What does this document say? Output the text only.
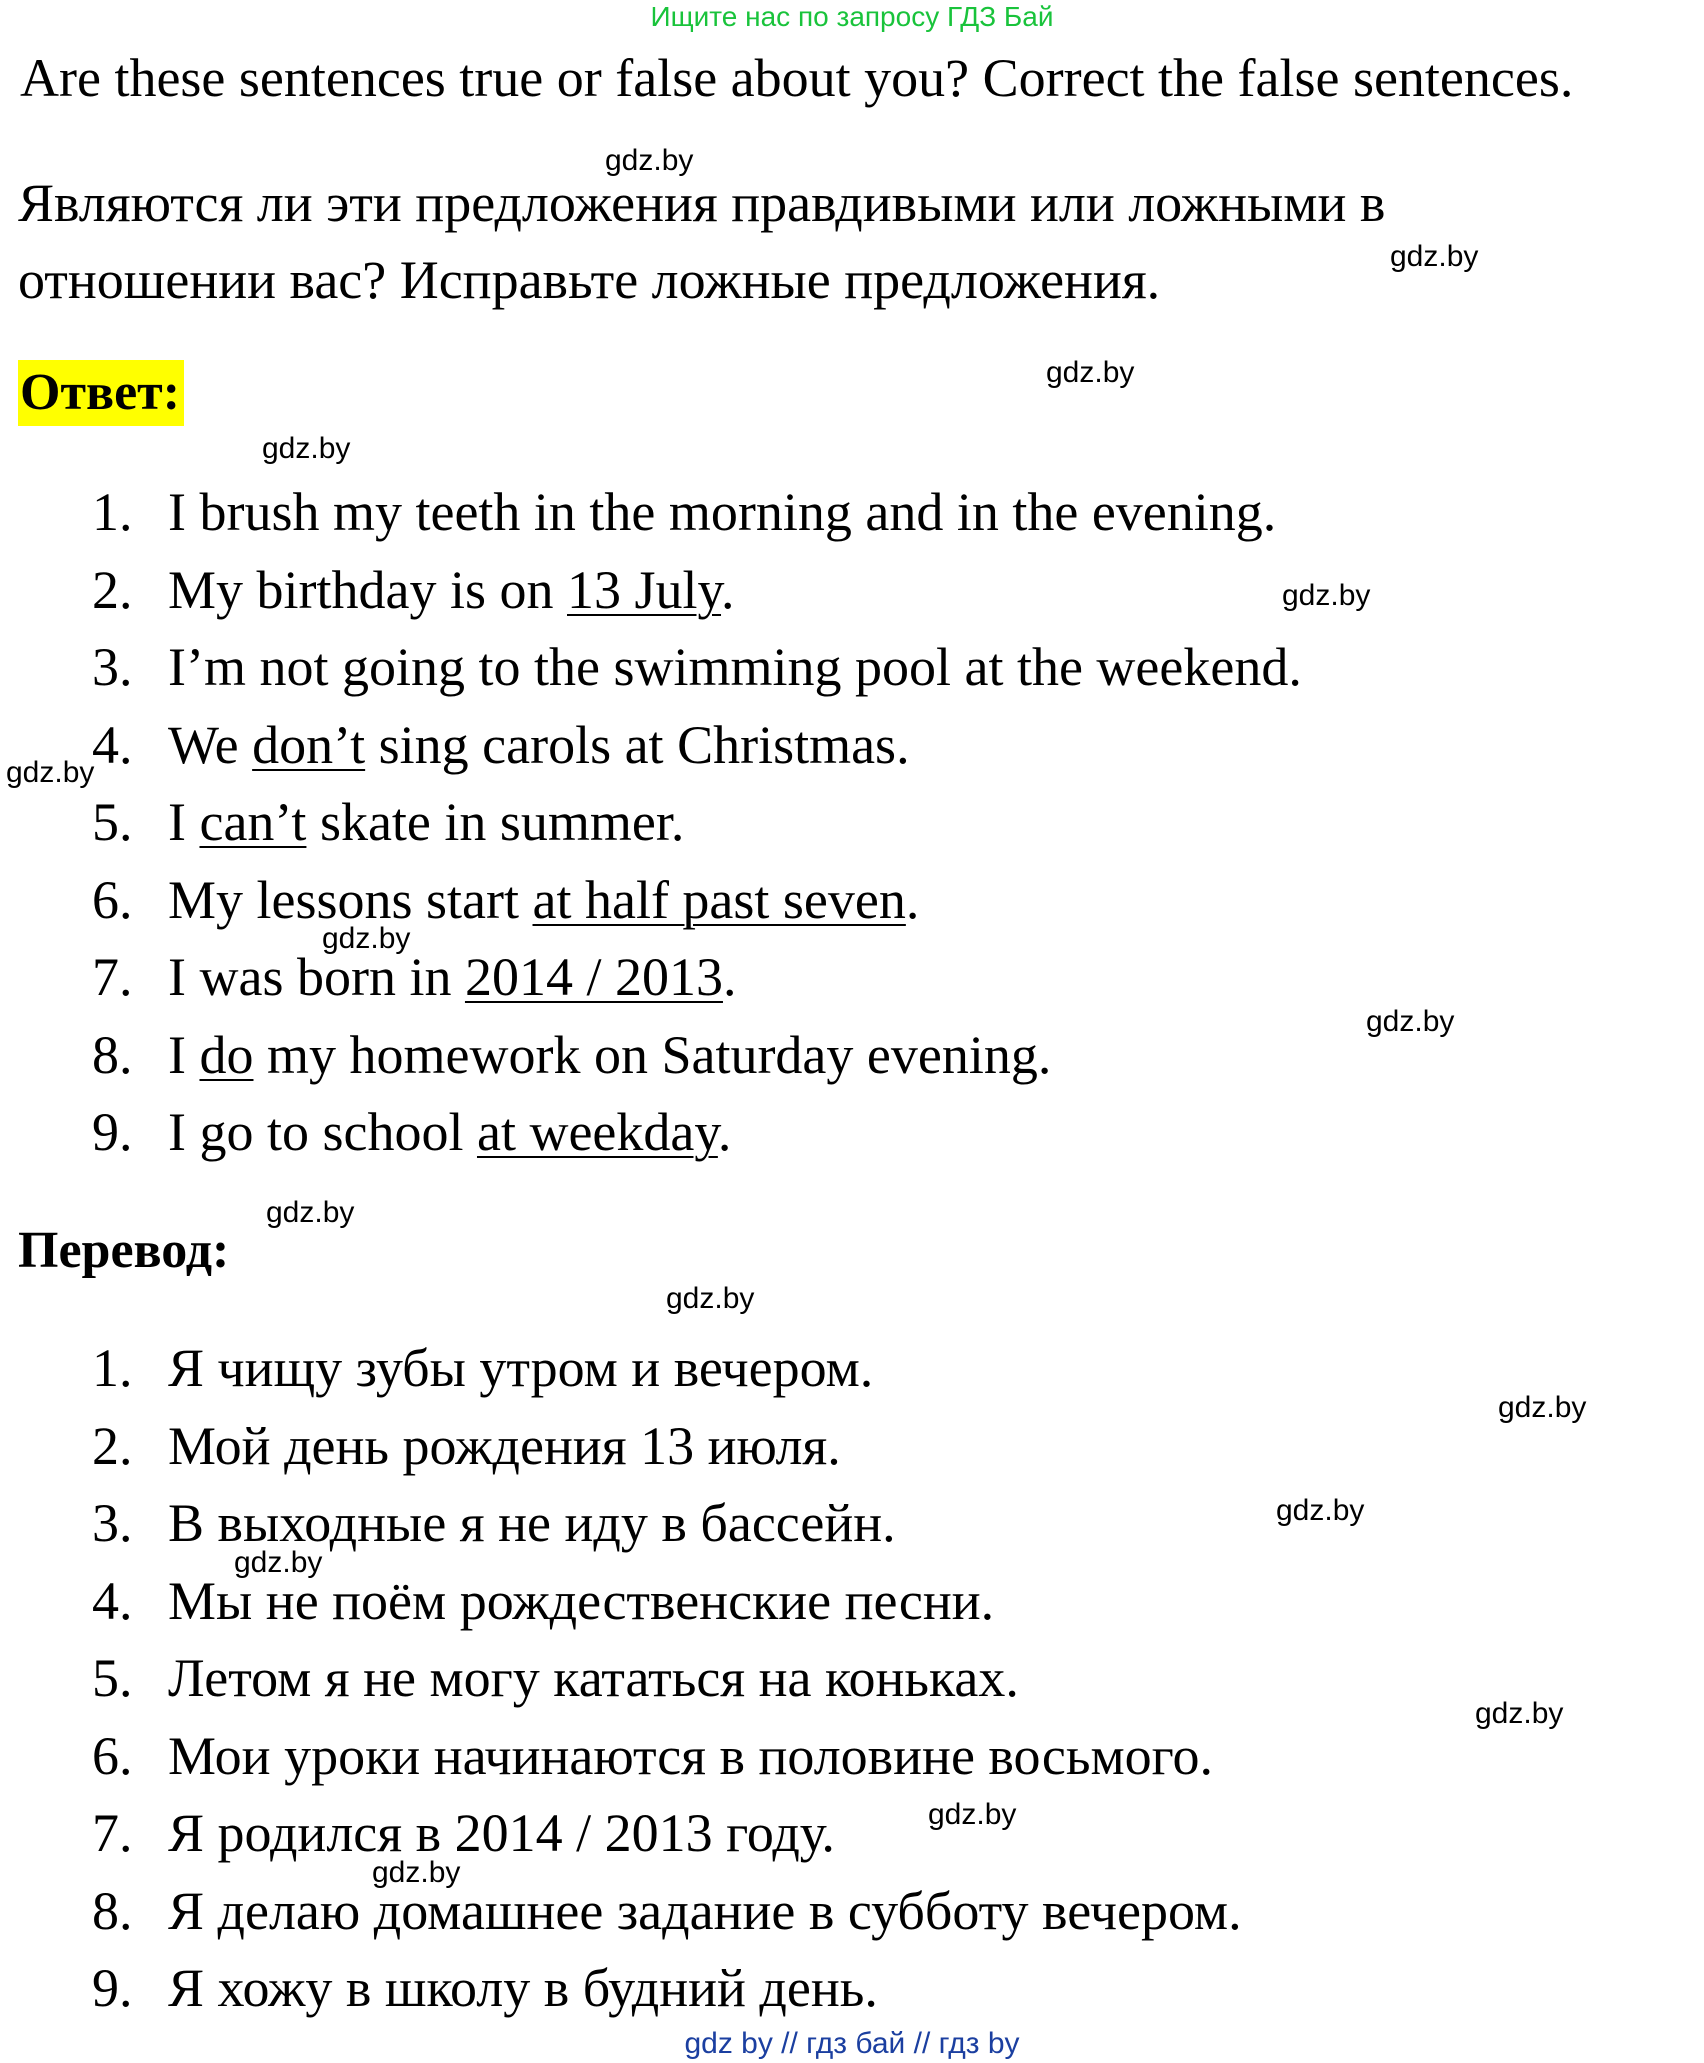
Ищите нас по запросу ГДЗ Бай
Are these sentences true or false about you? Correct the false sentences.
Являются ли эти предложения правдивыми или ложными в отношении вас? Исправьте ложные предложения.
Ответ:
1. I brush my teeth in the morning and in the evening.
2. My birthday is on 13 July.
3. I’m not going to the swimming pool at the weekend.
4. We don’t sing carols at Christmas.
5. I can’t skate in summer.
6. My lessons start at half past seven.
7. I was born in 2014 / 2013.
8. I do my homework on Saturday evening.
9. I go to school at weekday.
Перевод:
1. Я чищу зубы утром и вечером.
2. Мой день рождения 13 июля.
3. В выходные я не иду в бассейн.
4. Мы не поём рождественские песни.
5. Летом я не могу кататься на коньках.
6. Мои уроки начинаются в половине восьмого.
7. Я родился в 2014 / 2013 году.
8. Я делаю домашнее задание в субботу вечером.
9. Я хожу в школу в будний день.
gdz.by
gdz.by
gdz.by
gdz.by
gdz.by
gdz.by
gdz.by
gdz.by
gdz.by
gdz.by
gdz.by
gdz.by
gdz.by
gdz.by
gdz.by
gdz.by
gdz by // гдз бай // гдз by
